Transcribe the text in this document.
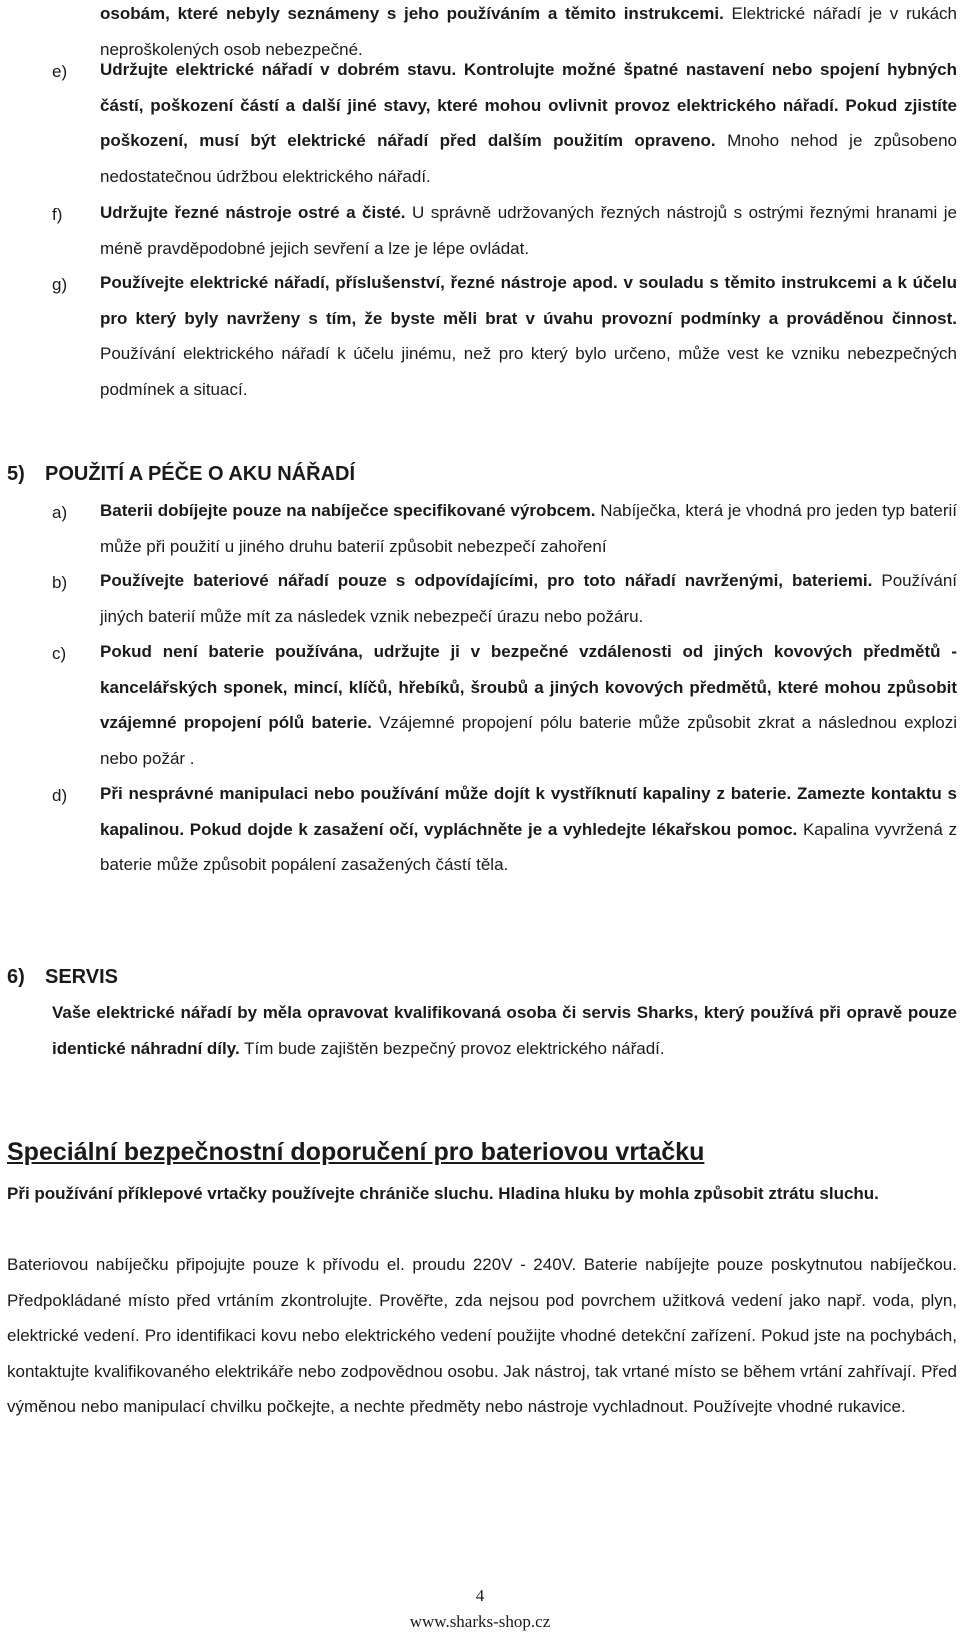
osobám, které nebyly seznámeny s jeho používáním a těmito instrukcemi. Elektrické nářadí je v rukách neproškolených osob nebezpečné.
e) Udržujte elektrické nářadí v dobrém stavu. Kontrolujte možné špatné nastavení nebo spojení hybných částí, poškození částí a další jiné stavy, které mohou ovlivnit provoz elektrického nářadí. Pokud zjistíte poškození, musí být elektrické nářadí před dalším použitím opraveno. Mnoho nehod je způsobeno nedostatečnou údržbou elektrického nářadí.
f) Udržujte řezné nástroje ostré a čisté. U správně udržovaných řezných nástrojů s ostrými řeznými hranami je méně pravděpodobné jejich sevření a lze je lépe ovládat.
g) Používejte elektrické nářadí, příslušenství, řezné nástroje apod. v souladu s těmito instrukcemi a k účelu pro který byly navrženy s tím, že byste měli brat v úvahu provozní podmínky a prováděnou činnost. Používání elektrického nářadí k účelu jinému, než pro který bylo určeno, může vest ke vzniku nebezpečných podmínek a situací.
5) POUŽITÍ A PÉČE O AKU NÁŘADÍ
a) Baterii dobíjejte pouze na nabíječce specifikované výrobcem. Nabíječka, která je vhodná pro jeden typ baterií může při použití u jiného druhu baterií způsobit nebezpečí zahoření
b) Používejte bateriové nářadí pouze s odpovídajícími, pro toto nářadí navrženými, bateriemi. Používání jiných baterií může mít za následek vznik nebezpečí úrazu nebo požáru.
c) Pokud není baterie používána, udržujte ji v bezpečné vzdálenosti od jiných kovových předmětů - kancelářských sponek, mincí, klíčů, hřebíků, šroubů a jiných kovových předmětů, které mohou způsobit vzájemné propojení pólů baterie. Vzájemné propojení pólu baterie může způsobit zkrat a následnou explozi nebo požár .
d) Při nesprávné manipulaci nebo používání může dojít k vystříknutí kapaliny z baterie. Zamezte kontaktu s kapalinou. Pokud dojde k zasažení očí, vypláchněte je a vyhledejte lékařskou pomoc. Kapalina vyvržená z baterie může způsobit popálení zasažených částí těla.
6) SERVIS
Vaše elektrické nářadí by měla opravovat kvalifikovaná osoba či servis Sharks, který používá při opravě pouze identické náhradní díly. Tím bude zajištěn bezpečný provoz elektrického nářadí.
Speciální bezpečnostní doporučení pro bateriovou vrtačku
Při používání příklepové vrtačky používejte chrániče sluchu. Hladina hluku by mohla způsobit ztrátu sluchu.
Bateriovou nabíječku připojujte pouze k přívodu el. proudu 220V - 240V. Baterie nabíjejte pouze poskytnutou nabíječkou. Předpokládané místo před vrtáním zkontrolujte. Prověřte, zda nejsou pod povrchem užitková vedení jako např. voda, plyn, elektrické vedení. Pro identifikaci kovu nebo elektrického vedení použijte vhodné detekční zařízení. Pokud jste na pochybách, kontaktujte kvalifikovaného elektrikáře nebo zodpovědnou osobu. Jak nástroj, tak vrtané místo se během vrtání zahřívají. Před výměnou nebo manipulací chvilku počkejte, a nechte předměty nebo nástroje vychladnout. Používejte vhodné rukavice.
4
www.sharks-shop.cz
